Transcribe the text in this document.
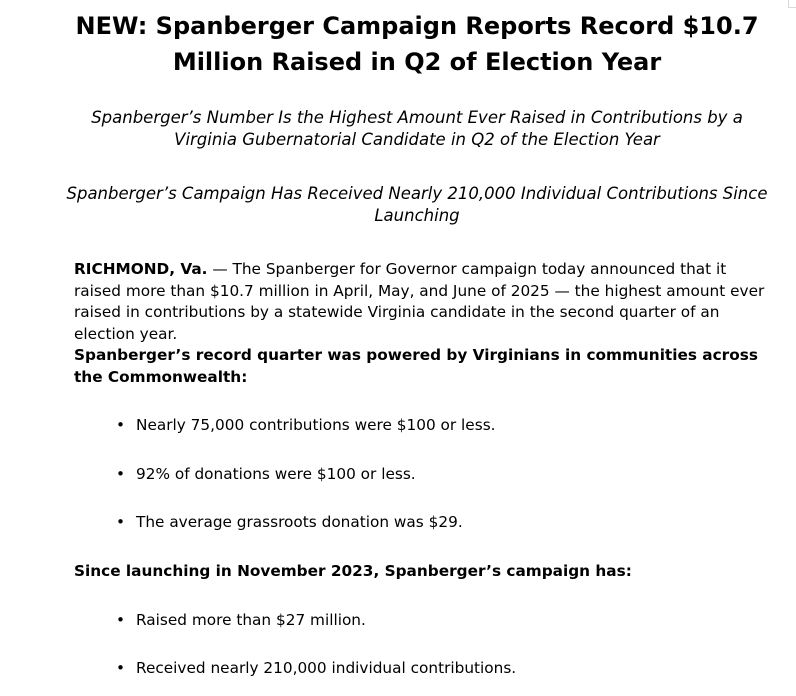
NEW: Spanberger Campaign Reports Record $10.7 Million Raised in Q2 of Election Year

Spanberger’s Number Is the Highest Amount Ever Raised in Contributions by a Virginia Gubernatorial Candidate in Q2 of the Election Year

Spanberger’s Campaign Has Received Nearly 210,000 Individual Contributions Since Launching

RICHMOND, Va. — The Spanberger for Governor campaign today announced that it raised more than $10.7 million in April, May, and June of 2025 — the highest amount ever raised in contributions by a statewide Virginia candidate in the second quarter of an election year.

Spanberger’s record quarter was powered by Virginians in communities across the Commonwealth:

• Nearly 75,000 contributions were $100 or less.
• 92% of donations were $100 or less.
• The average grassroots donation was $29.

Since launching in November 2023, Spanberger’s campaign has:

• Raised more than $27 million.
• Received nearly 210,000 individual contributions.
